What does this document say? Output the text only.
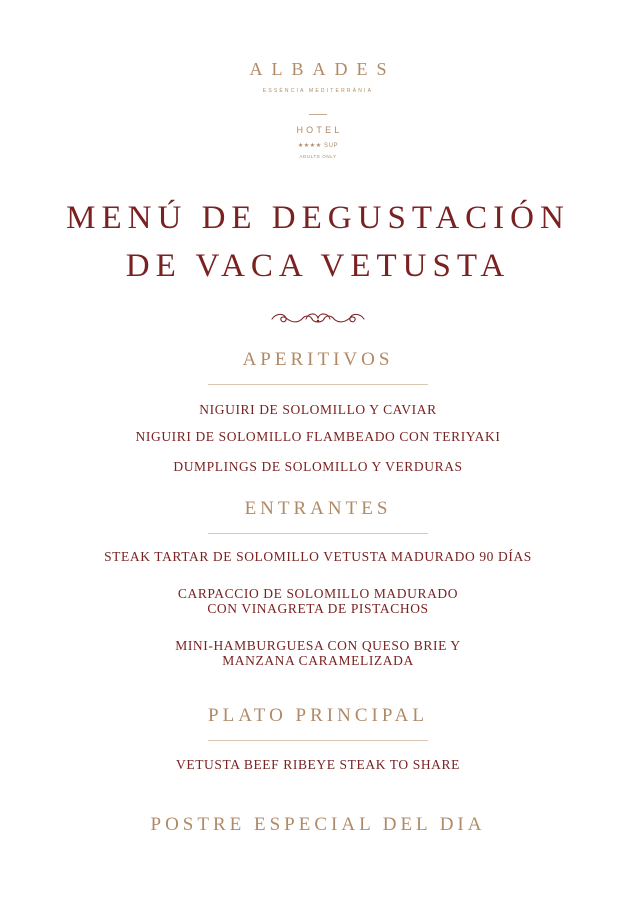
ALBADES
ESSÈNCIA MEDITERRÀNIA
HOTEL
★★★★ SUP
ADULTS ONLY
MENÚ DE DEGUSTACIÓN
DE VACA VETUSTA
APERITIVOS
NIGUIRI DE SOLOMILLO Y CAVIAR
NIGUIRI DE SOLOMILLO FLAMBEADO CON TERIYAKI
DUMPLINGS DE SOLOMILLO Y VERDURAS
ENTRANTES
STEAK TARTAR DE SOLOMILLO VETUSTA MADURADO 90 DÍAS
CARPACCIO DE SOLOMILLO MADURADO
CON VINAGRETA DE PISTACHOS
MINI-HAMBURGUESA CON QUESO BRIE Y
MANZANA CARAMELIZADA
PLATO PRINCIPAL
VETUSTA BEEF RIBEYE STEAK TO SHARE
POSTRE ESPECIAL DEL DIA
